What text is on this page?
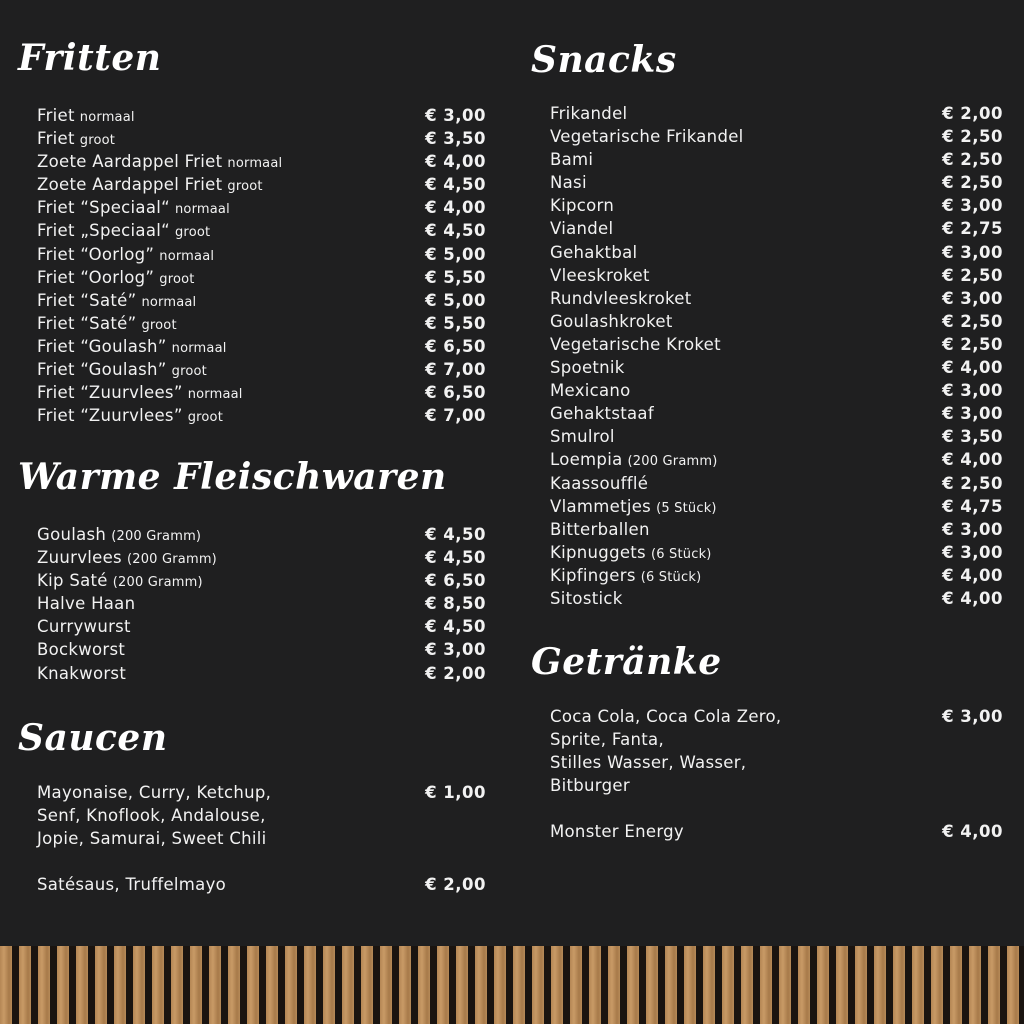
Fritten
Friet normaal	€ 3,00
Friet groot	€ 3,50
Zoete Aardappel Friet normaal	€ 4,00
Zoete Aardappel Friet groot	€ 4,50
Friet “Speciaal“ normaal	€ 4,00
Friet „Speciaal“ groot	€ 4,50
Friet “Oorlog” normaal	€ 5,00
Friet “Oorlog” groot	€ 5,50
Friet “Saté” normaal	€ 5,00
Friet “Saté” groot	€ 5,50
Friet “Goulash” normaal	€ 6,50
Friet “Goulash” groot	€ 7,00
Friet “Zuurvlees” normaal	€ 6,50
Friet “Zuurvlees” groot	€ 7,00
Warme Fleischwaren
Goulash (200 Gramm)	€ 4,50
Zuurvlees (200 Gramm)	€ 4,50
Kip Saté (200 Gramm)	€ 6,50
Halve Haan	€ 8,50
Currywurst	€ 4,50
Bockworst	€ 3,00
Knakworst	€ 2,00
Saucen
Mayonaise, Curry, Ketchup,
Senf, Knoflook, Andalouse,
Jopie, Samurai, Sweet Chili
€ 1,00
Satésaus, Truffelmayo	€ 2,00
Snacks
Frikandel	€ 2,00
Vegetarische Frikandel	€ 2,50
Bami	€ 2,50
Nasi	€ 2,50
Kipcorn	€ 3,00
Viandel	€ 2,75
Gehaktbal	€ 3,00
Vleeskroket	€ 2,50
Rundvleeskroket	€ 3,00
Goulashkroket	€ 2,50
Vegetarische Kroket	€ 2,50
Spoetnik	€ 4,00
Mexicano	€ 3,00
Gehaktstaaf	€ 3,00
Smulrol	€ 3,50
Loempia (200 Gramm)	€ 4,00
Kaassoufflé	€ 2,50
Vlammetjes (5 Stück)	€ 4,75
Bitterballen	€ 3,00
Kipnuggets (6 Stück)	€ 3,00
Kipfingers (6 Stück)	€ 4,00
Sitostick	€ 4,00
Getränke
Coca Cola, Coca Cola Zero,
Sprite, Fanta,
Stilles Wasser, Wasser,
Bitburger
€ 3,00
Monster Energy	€ 4,00
